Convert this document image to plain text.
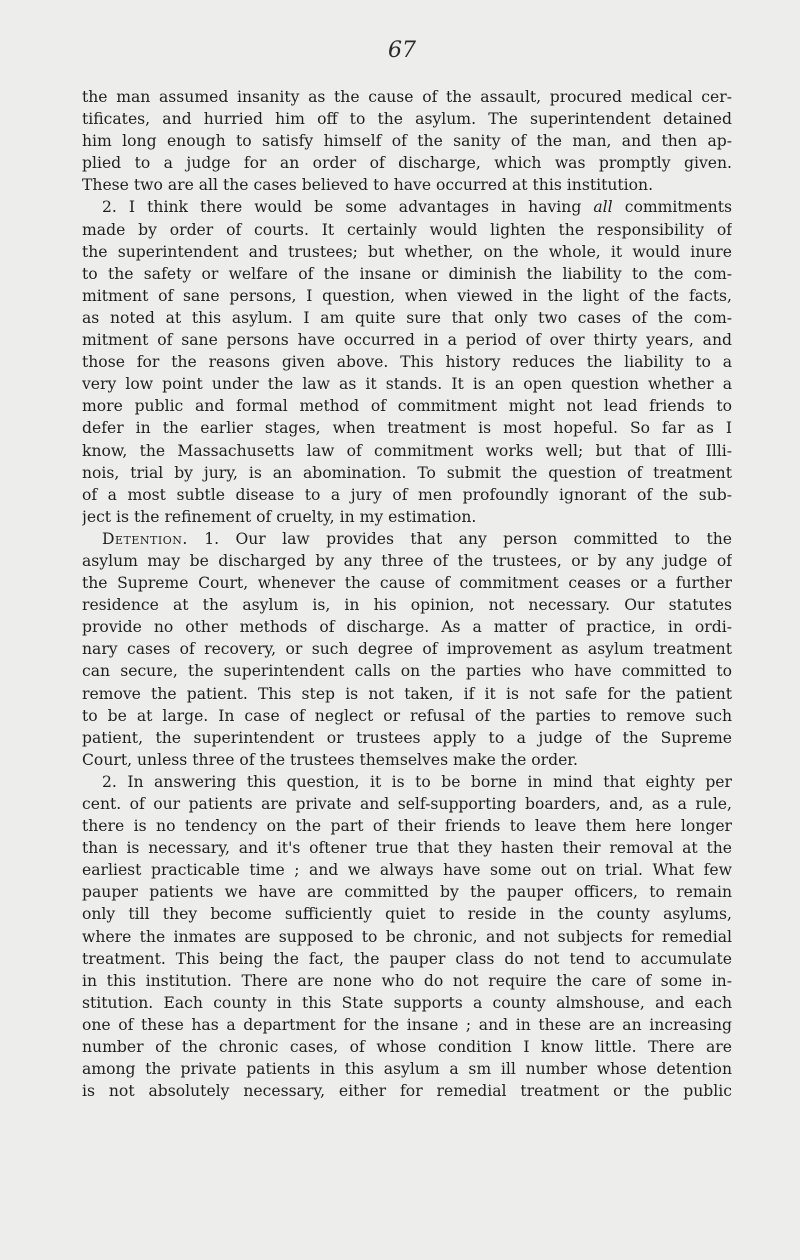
67
the man assumed insanity as the cause of the assault, procured medical cer-
tificates, and hurried him off to the asylum. The superintendent detained
him long enough to satisfy himself of the sanity of the man, and then ap-
plied to a judge for an order of discharge, which was promptly given.
These two are all the cases believed to have occurred at this institution.
2. I think there would be some advantages in having all commitments
made by order of courts. It certainly would lighten the responsibility of
the superintendent and trustees; but whether, on the whole, it would inure
to the safety or welfare of the insane or diminish the liability to the com-
mitment of sane persons, I question, when viewed in the light of the facts,
as noted at this asylum. I am quite sure that only two cases of the com-
mitment of sane persons have occurred in a period of over thirty years, and
those for the reasons given above. This history reduces the liability to a
very low point under the law as it stands. It is an open question whether a
more public and formal method of commitment might not lead friends to
defer in the earlier stages, when treatment is most hopeful. So far as I
know, the Massachusetts law of commitment works well; but that of Illi-
nois, trial by jury, is an abomination. To submit the question of treatment
of a most subtle disease to a jury of men profoundly ignorant of the sub-
ject is the refinement of cruelty, in my estimation.
Detention. 1. Our law provides that any person committed to the
asylum may be discharged by any three of the trustees, or by any judge of
the Supreme Court, whenever the cause of commitment ceases or a further
residence at the asylum is, in his opinion, not necessary. Our statutes
provide no other methods of discharge. As a matter of practice, in ordi-
nary cases of recovery, or such degree of improvement as asylum treatment
can secure, the superintendent calls on the parties who have committed to
remove the patient. This step is not taken, if it is not safe for the patient
to be at large. In case of neglect or refusal of the parties to remove such
patient, the superintendent or trustees apply to a judge of the Supreme
Court, unless three of the trustees themselves make the order.
2. In answering this question, it is to be borne in mind that eighty per
cent. of our patients are private and self-supporting boarders, and, as a rule,
there is no tendency on the part of their friends to leave them here longer
than is necessary, and it's oftener true that they hasten their removal at the
earliest practicable time ; and we always have some out on trial. What few
pauper patients we have are committed by the pauper officers, to remain
only till they become sufficiently quiet to reside in the county asylums,
where the inmates are supposed to be chronic, and not subjects for remedial
treatment. This being the fact, the pauper class do not tend to accumulate
in this institution. There are none who do not require the care of some in-
stitution. Each county in this State supports a county almshouse, and each
one of these has a department for the insane ; and in these are an increasing
number of the chronic cases, of whose condition I know little. There are
among the private patients in this asylum a sm ill number whose detention
is not absolutely necessary, either for remedial treatment or the public
